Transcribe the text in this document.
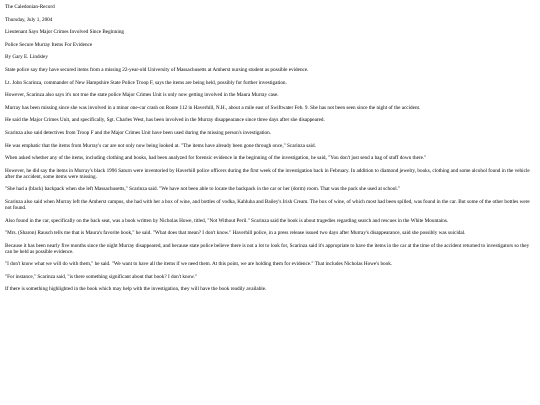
The Caledonian-Record

Thursday, July 1, 2004

Lieutenant Says Major Crimes Involved Since Beginning

Police Secure Murray Items For Evidence

By Gary E. Lindsley

State police say they have secured items from a missing 22-year-old University of Massachusetts at Amherst nursing student as possible evidence.

Lt. John Scarinza, commander of New Hampshire State Police Troop F, says the items are being held, possibly for further investigation.

However, Scarinza also says it's not true the state police Major Crimes Unit is only now getting involved in the Maura Murray case.

Murray has been missing since she was involved in a minor one-car crash on Route 112 in Haverhill, N.H., about a mile east of Swiftwater Feb. 9. She has not been seen since the night of the accident.

He said the Major Crimes Unit, and specifically, Sgt. Charles West, has been involved in the Murray disappearance since three days after she disappeared.

Scarinza also said detectives from Troop F and the Major Crimes Unit have been used during the missing person's investigation.

He was emphatic that the items from Murray's car are not only now being looked at. "The items have already been gone through once," Scarinza said.

When asked whether any of the items, including clothing and books, had been analyzed for forensic evidence in the beginning of the investigation, he said, "You don't just send a bag of stuff down there."

However, he did say the items in Murray's black 1996 Saturn were inventoried by Haverhill police officers during the first week of the investigation back in February. In addition to diamond jewelry, books, clothing and some alcohol found in the vehicle after the accident, some items were missing.

"She had a (black) backpack when she left Massachusetts," Scarinza said. "We have not been able to locate the backpack in the car or her (dorm) room. That was the pack she used at school."

Scarinza also said when Murray left the Amherst campus, she had with her a box of wine, and bottles of vodka, Kahluha and Bailey's Irish Cream. The box of wine, of which most had been spilled, was found in the car. But some of the other bottles were not found.

Also found in the car, specifically on the back seat, was a book written by Nicholas Howe, titled, "Not Without Peril." Scarinza said the book is about tragedies regarding search and rescues in the White Mountains.

"Mrs. (Sharon) Rausch tells me that is Maura's favorite book," he said. "What does that mean? I don't know." Haverhill police, in a press release issued two days after Murray's disappearance, said she possibly was suicidal.

Because it has been nearly five months since the night Murray disappeared, and because state police believe there is not a lot to look for, Scarinza said it's appropriate to have the items in the car at the time of the accident returned to investigators so they can be held as possible evidence.

"I don't know what we will do with them," he said. "We want to have all the items if we need them. At this point, we are holding them for evidence." That includes Nicholas Howe's book.

"For instance," Scarinza said, "is there something significant about that book? I don't know."

If there is something highlighted in the book which may help with the investigation, they will have the book readily available.
